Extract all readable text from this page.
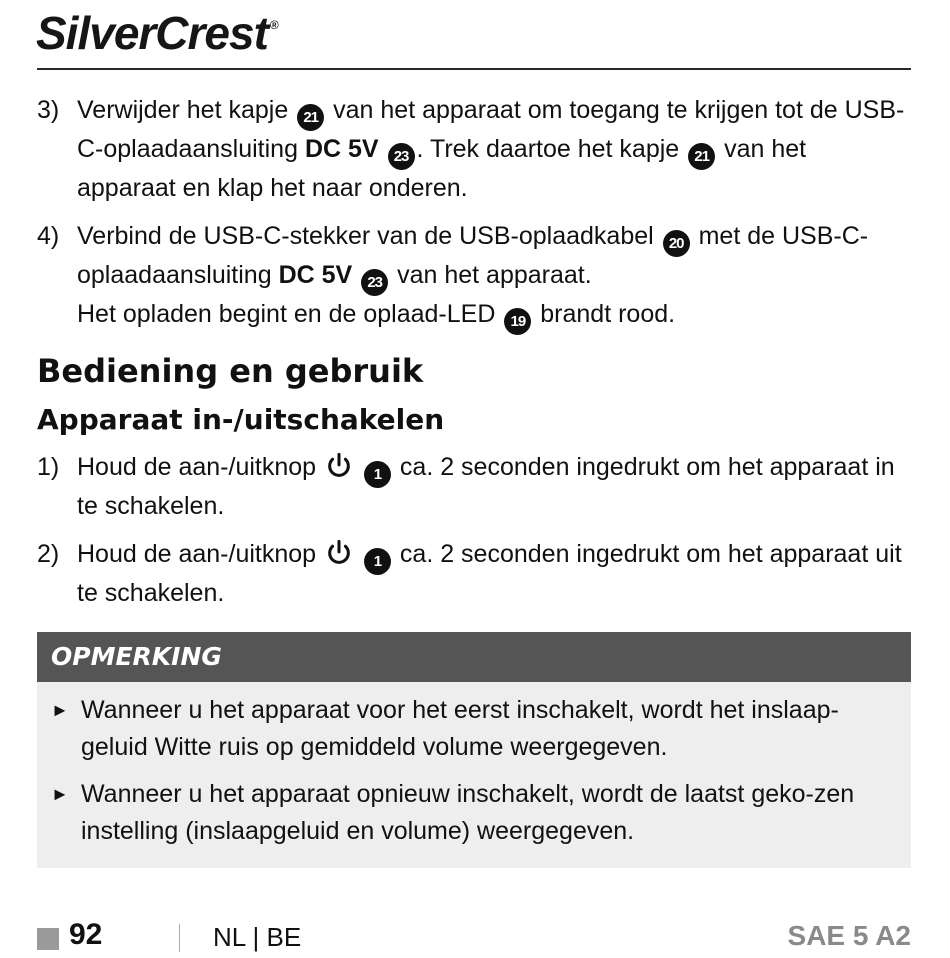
SilverCrest ®
3) Verwijder het kapje 21 van het apparaat om toegang te krijgen tot de USB-C-oplaadaansluiting DC 5V 23 . Trek daartoe het kapje 21 van het apparaat en klap het naar onderen.
4) Verbind de USB-C-stekker van de USB-oplaadkabel 20 met de USB-C-oplaadaansluiting DC 5V 23 van het apparaat.
Het opladen begint en de oplaad-LED 19 brandt rood.
Bediening en gebruik
Apparaat in-/uitschakelen
1) Houd de aan-/uitknop	1 ca. 2 seconden ingedrukt om het apparaat in te schakelen.
2) Houd de aan-/uitknop	1 ca. 2 seconden ingedrukt om het apparaat uit te schakelen.
OPMERKING
► Wanneer u het apparaat voor het eerst inschakelt, wordt het inslaap-geluid Witte ruis op gemiddeld volume weergegeven.
► Wanneer u het apparaat opnieuw inschakelt, wordt de laatst geko-zen instelling (inslaapgeluid en volume) weergegeven.
92	NL | BE	SAE 5 A2
